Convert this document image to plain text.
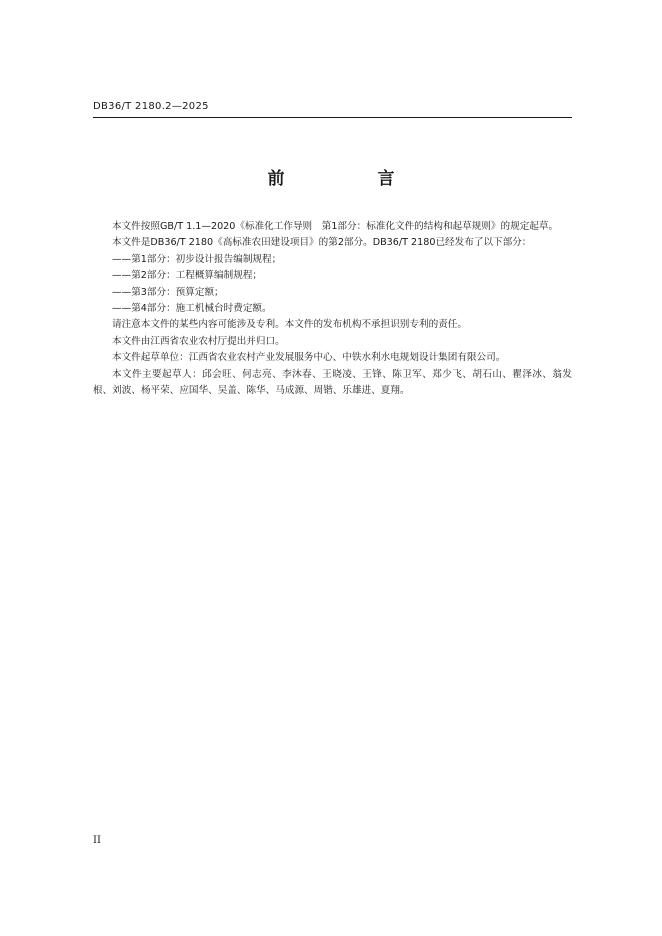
DB36/T 2180.2—2025
前　言

本文件按照GB/T 1.1—2020《标准化工作导则　第1部分：标准化文件的结构和起草规则》的规定起草。

本文件是DB36/T 2180《高标准农田建设项目》的第2部分。DB36/T 2180已经发布了以下部分：

——第1部分：初步设计报告编制规程；

——第2部分：工程概算编制规程；

——第3部分：预算定额；

——第4部分：施工机械台时费定额。

请注意本文件的某些内容可能涉及专利。本文件的发布机构不承担识别专利的责任。

本文件由江西省农业农村厅提出并归口。

本文件起草单位：江西省农业农村产业发展服务中心、中铁水利水电规划设计集团有限公司。

本文件主要起草人：邱会旺、何志亮、李沐春、王晓凌、王锋、陈卫军、郑少飞、胡石山、瞿泽冰、翁发根、刘波、杨平荣、应国华、吴盖、陈华、马成源、周锴、乐雄进、夏翔。

II
